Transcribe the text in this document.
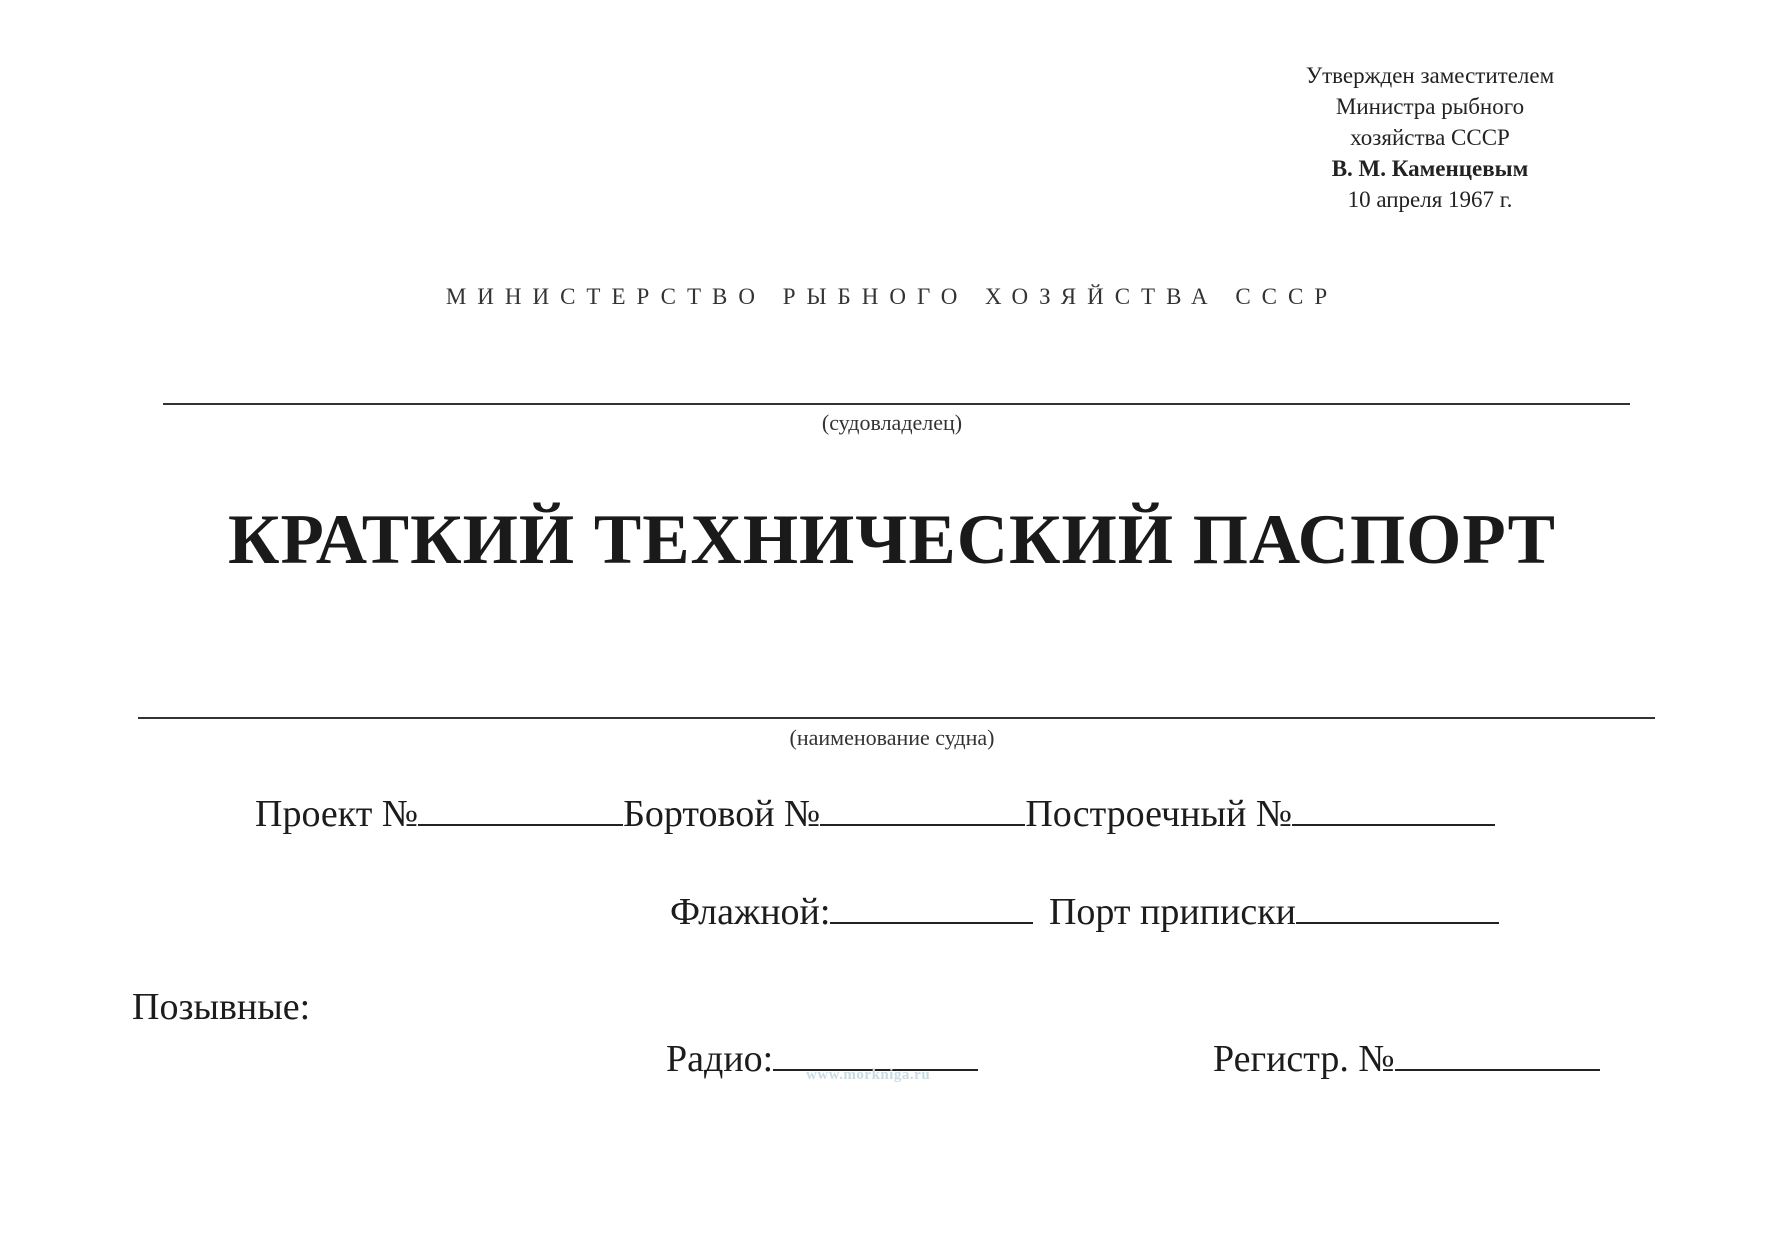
Утвержден заместителем
Министра рыбного
хозяйства СССР
В. М. Каменцевым
10 апреля 1967 г.
МИНИСТЕРСТВО РЫБНОГО ХОЗЯЙСТВА СССР
(судовладелец)
КРАТКИЙ ТЕХНИЧЕСКИЙ ПАСПОРТ
(наименование судна)
Проект №	Бортовой №	Построечный №
Флажной:	Порт приписки
Позывные:
Радио:	Регистр. №
www.morkniga.ru
